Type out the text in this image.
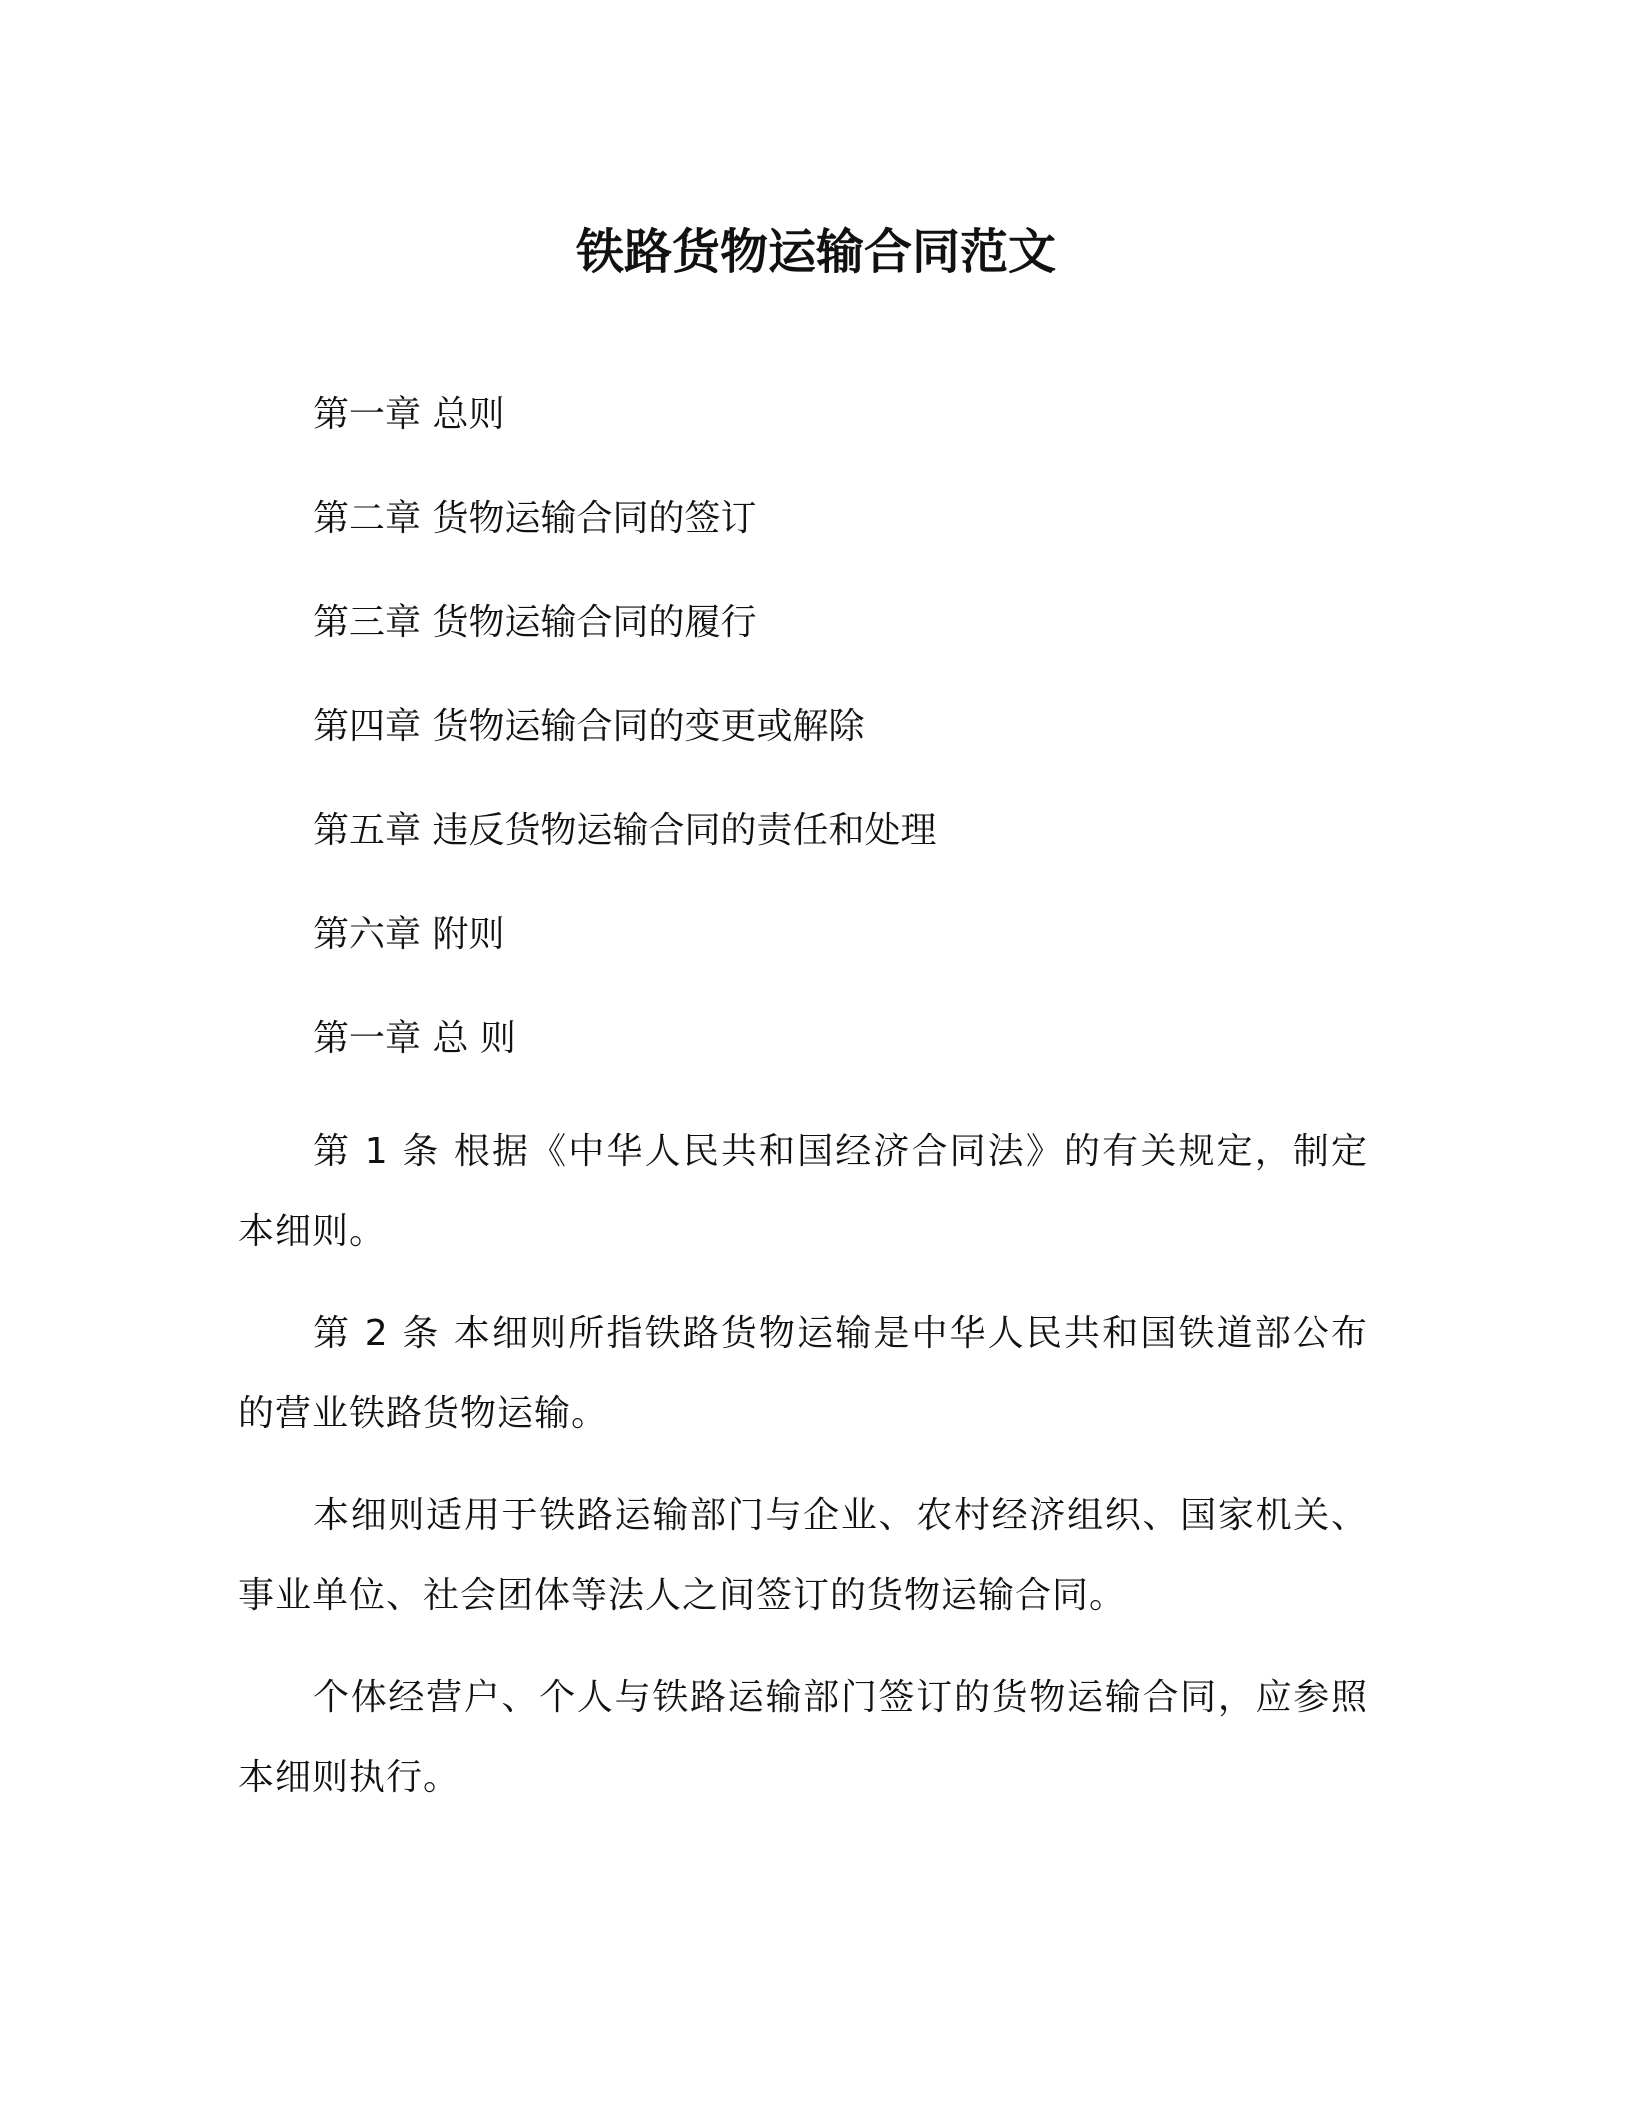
铁路货物运输合同范文
第一章 总则
第二章 货物运输合同的签订
第三章 货物运输合同的履行
第四章 货物运输合同的变更或解除
第五章 违反货物运输合同的责任和处理
第六章 附则
第一章 总 则

第 1 条 根据《中华人民共和国经济合同法》的有关规定，制定本细则。

第 2 条 本细则所指铁路货物运输是中华人民共和国铁道部公布的营业铁路货物运输。

本细则适用于铁路运输部门与企业、农村经济组织、国家机关、事业单位、社会团体等法人之间签订的货物运输合同。

个体经营户、个人与铁路运输部门签订的货物运输合同，应参照本细则执行。
